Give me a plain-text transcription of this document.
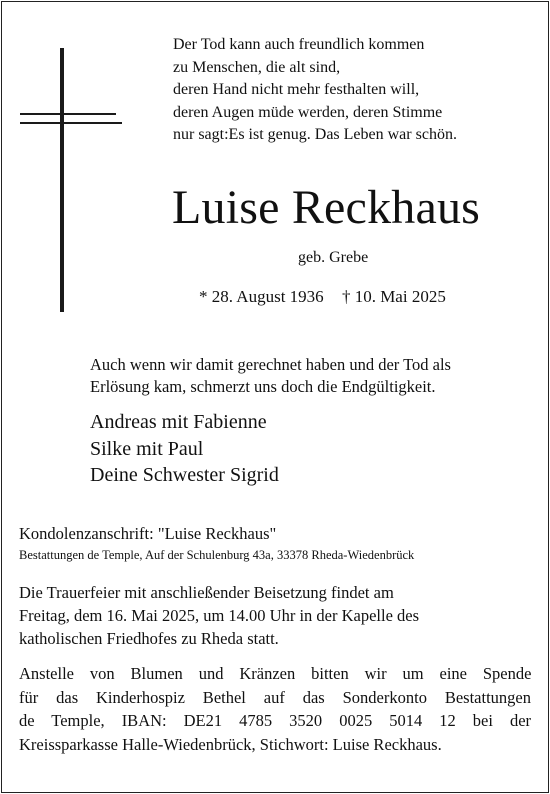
Der Tod kann auch freundlich kommen
zu Menschen, die alt sind,
deren Hand nicht mehr festhalten will,
deren Augen müde werden, deren Stimme
nur sagt:Es ist genug. Das Leben war schön.
Luise Reckhaus
geb. Grebe
* 28. August 1936 † 10. Mai 2025
Auch wenn wir damit gerechnet haben und der Tod als
Erlösung kam, schmerzt uns doch die Endgültigkeit.
Andreas mit Fabienne
Silke mit Paul
Deine Schwester Sigrid
Kondolenzanschrift: "Luise Reckhaus"
Bestattungen de Temple, Auf der Schulenburg 43a, 33378 Rheda-Wiedenbrück
Die Trauerfeier mit anschließender Beisetzung findet am
Freitag, dem 16. Mai 2025, um 14.00 Uhr in der Kapelle des
katholischen Friedhofes zu Rheda statt.
Anstelle von Blumen und Kränzen bitten wir um eine Spende
für das Kinderhospiz Bethel auf das Sonderkonto Bestattungen
de Temple, IBAN: DE21 4785 3520 0025 5014 12 bei der
Kreissparkasse Halle-Wiedenbrück, Stichwort: Luise Reckhaus.
